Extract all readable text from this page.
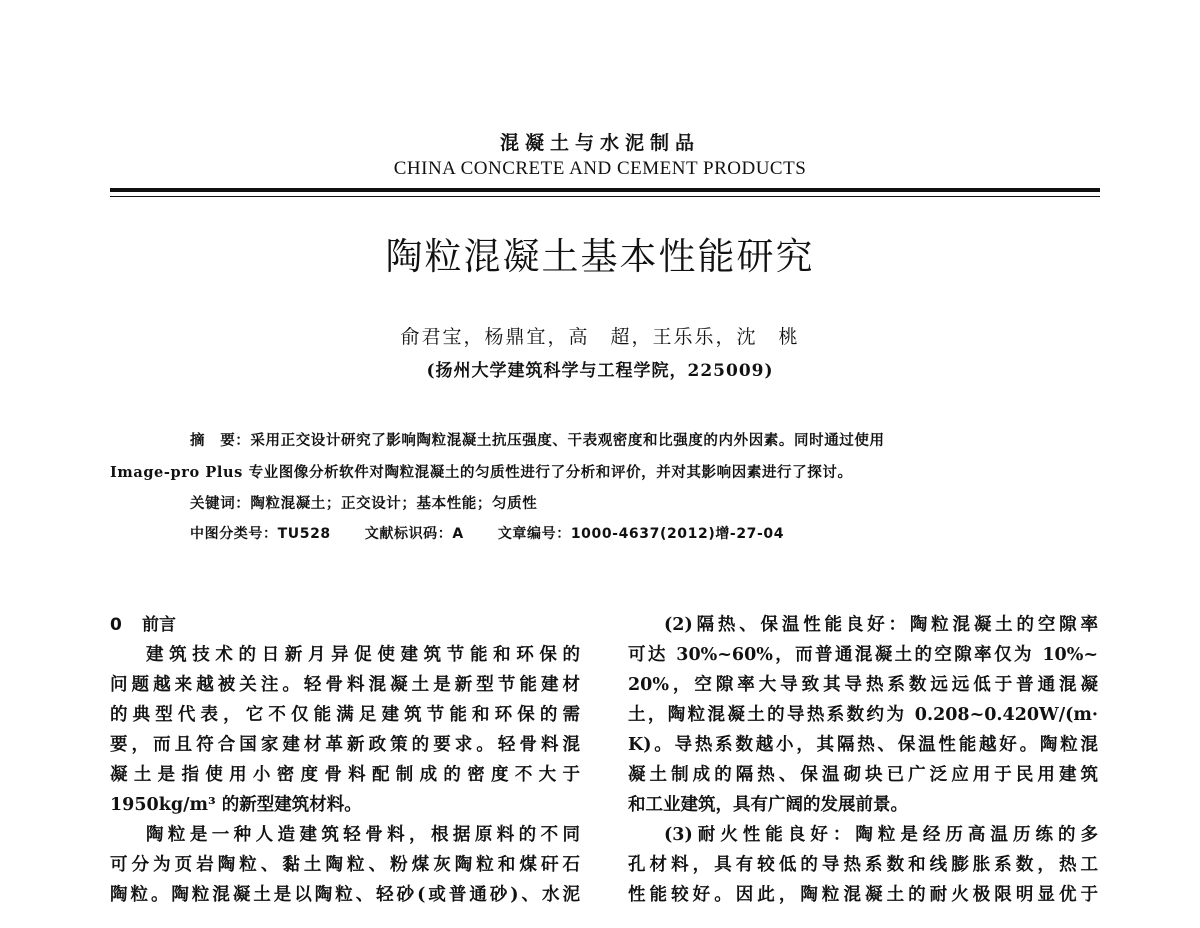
混凝土与水泥制品
CHINA CONCRETE AND CEMENT PRODUCTS
陶粒混凝土基本性能研究
俞君宝，杨鼎宜，高　超，王乐乐，沈　桃
(扬州大学建筑科学与工程学院，225009)
摘　要：采用正交设计研究了影响陶粒混凝土抗压强度、干表观密度和比强度的内外因素。同时通过使用
Image-pro Plus 专业图像分析软件对陶粒混凝土的匀质性进行了分析和评价，并对其影响因素进行了探讨。
关键词：陶粒混凝土；正交设计；基本性能；匀质性
中图分类号：TU528 文献标识码：A 文章编号：1000-4637(2012)增-27-04
0 前言
建筑技术的日新月异促使建筑节能和环保的
问题越来越被关注。轻骨料混凝土是新型节能建材
的典型代表，它不仅能满足建筑节能和环保的需
要，而且符合国家建材革新政策的要求。轻骨料混
凝土是指使用小密度骨料配制成的密度不大于
1950kg/m³ 的新型建筑材料。
陶粒是一种人造建筑轻骨料，根据原料的不同
可分为页岩陶粒、黏土陶粒、粉煤灰陶粒和煤矸石
陶粒。陶粒混凝土是以陶粒、轻砂(或普通砂)、水泥
(2)隔热、保温性能良好：陶粒混凝土的空隙率
可达 30%~60%，而普通混凝土的空隙率仅为 10%~
20%，空隙率大导致其导热系数远远低于普通混凝
土，陶粒混凝土的导热系数约为 0.208~0.420W/(m·
K)。导热系数越小，其隔热、保温性能越好。陶粒混
凝土制成的隔热、保温砌块已广泛应用于民用建筑
和工业建筑，具有广阔的发展前景。
(3)耐火性能良好：陶粒是经历高温历练的多
孔材料，具有较低的导热系数和线膨胀系数，热工
性能较好。因此，陶粒混凝土的耐火极限明显优于
